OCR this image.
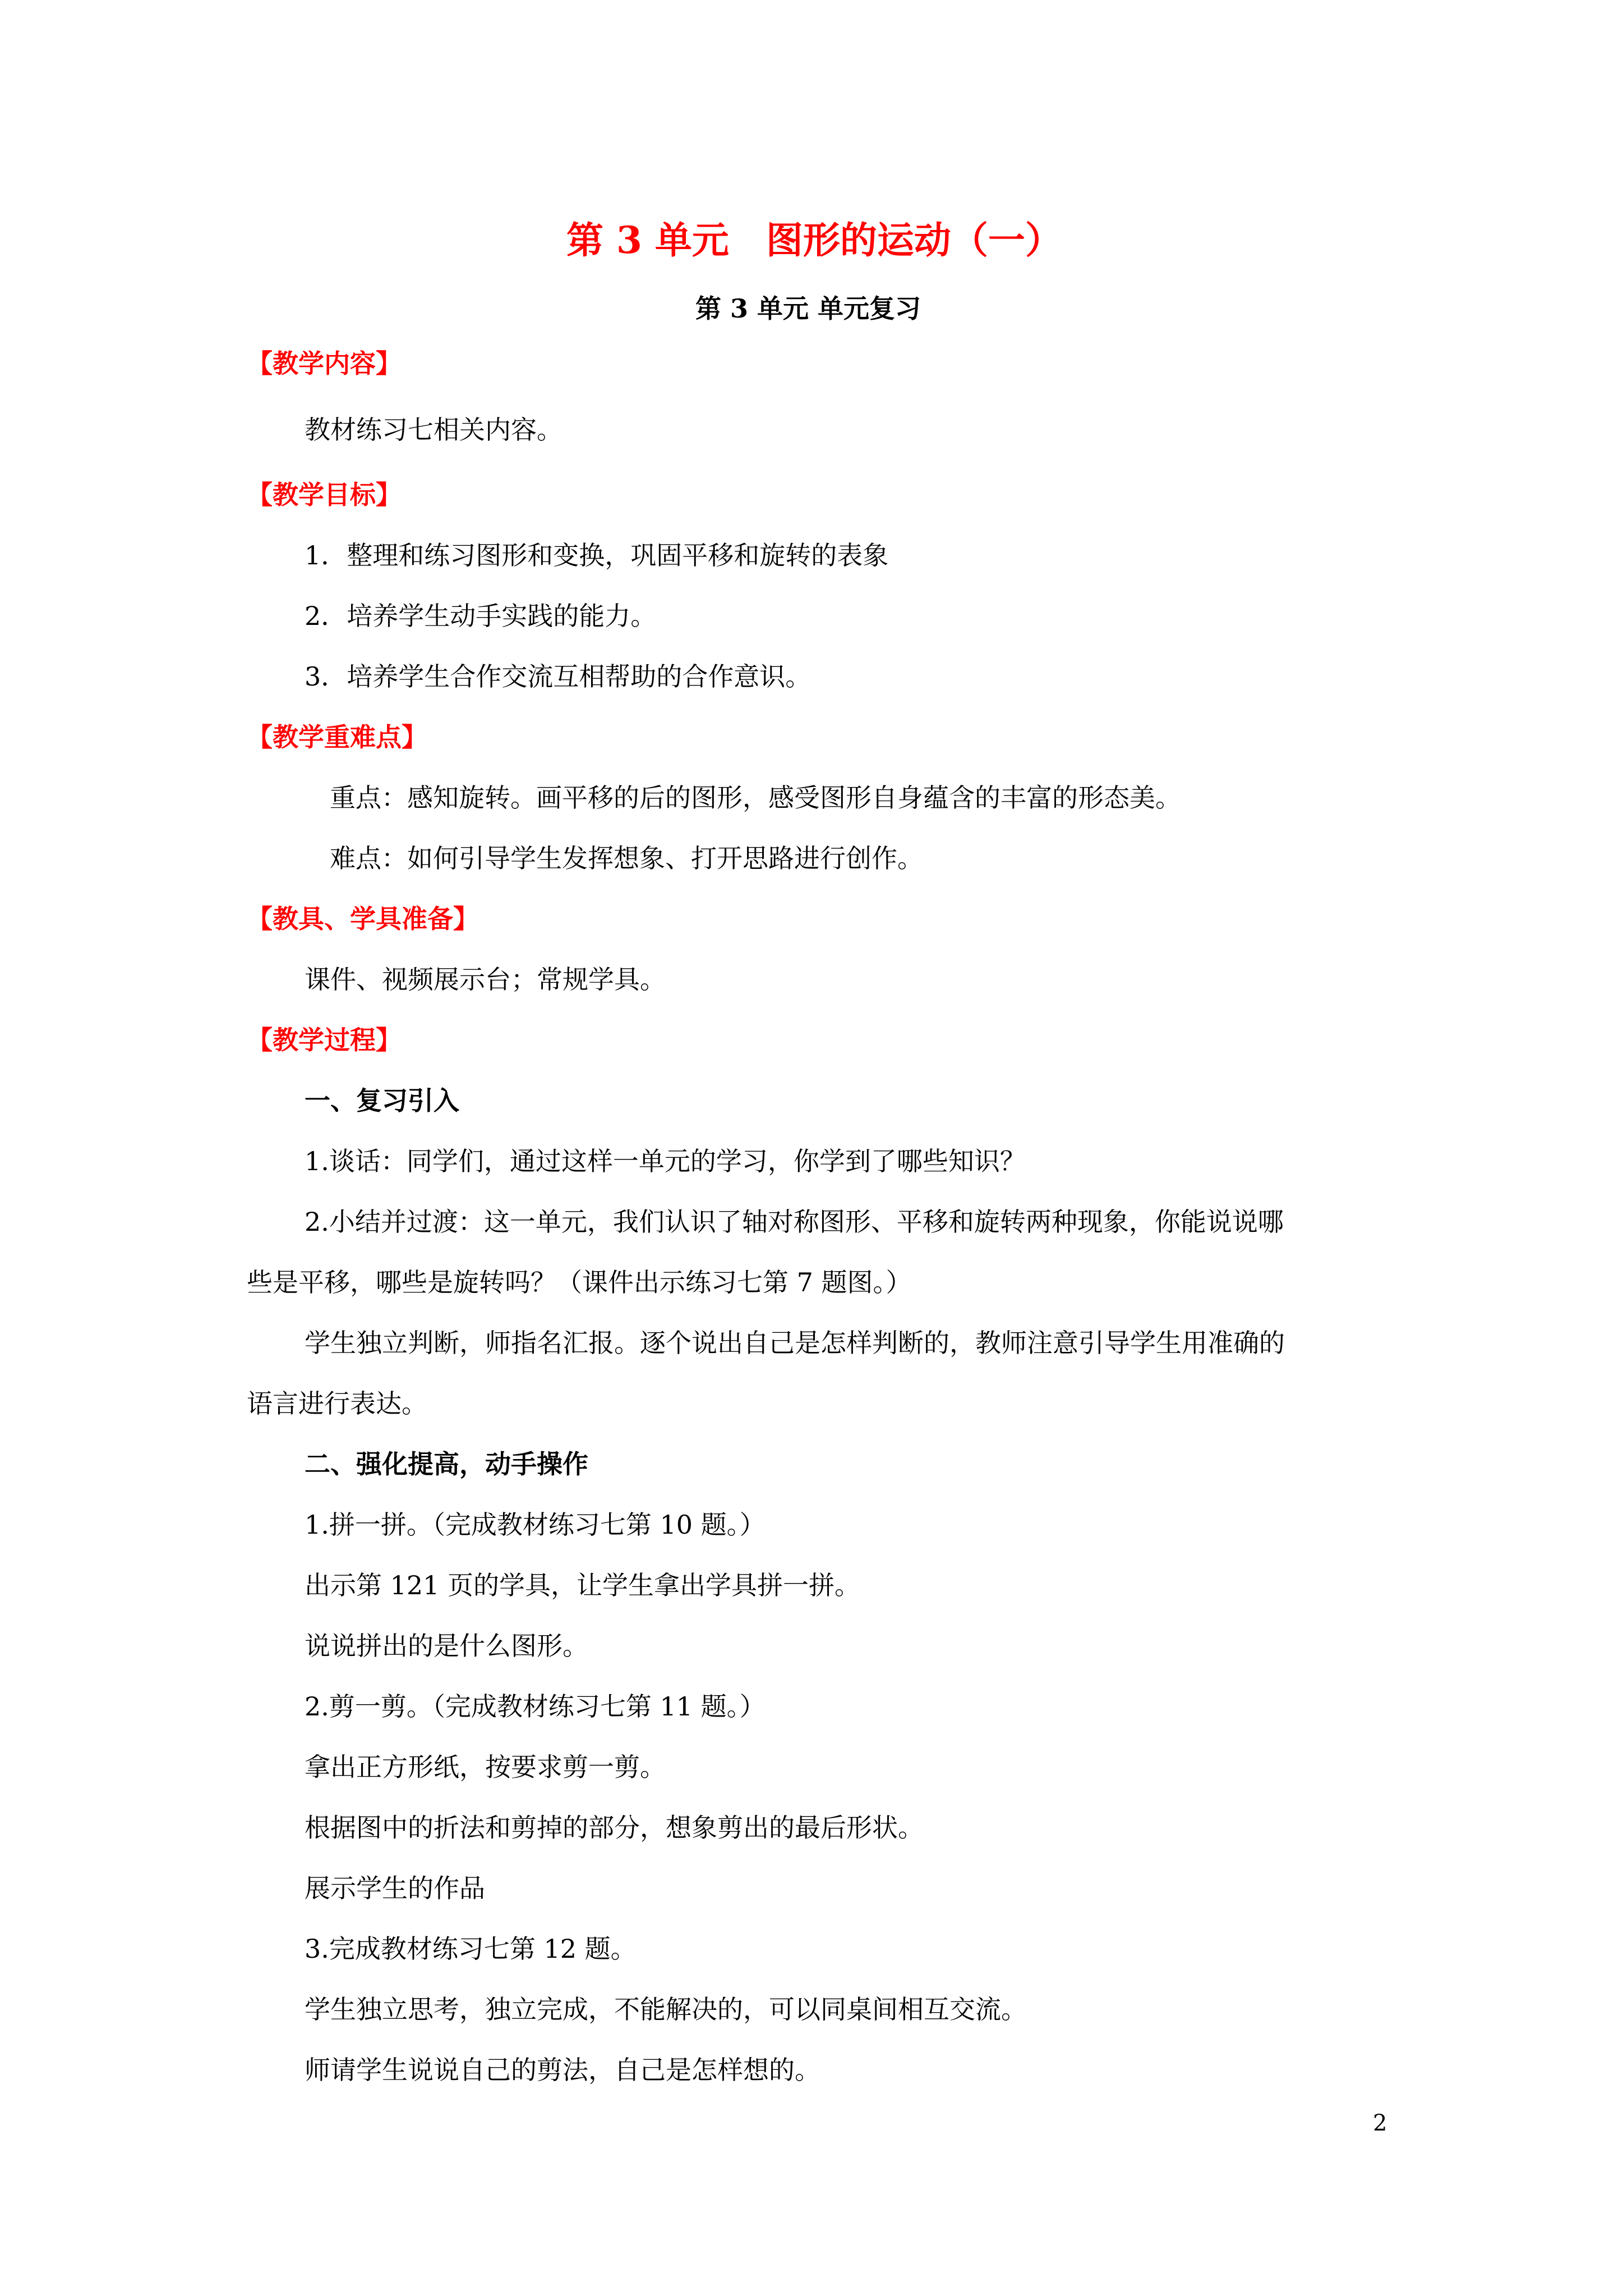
第 3 单元　图形的运动（一）
第 3 单元 单元复习
【教学内容】
教材练习七相关内容。
【教学目标】
1．整理和练习图形和变换，巩固平移和旋转的表象
2．培养学生动手实践的能力。
3．培养学生合作交流互相帮助的合作意识。
【教学重难点】
重点：感知旋转。画平移的后的图形，感受图形自身蕴含的丰富的形态美。
难点：如何引导学生发挥想象、打开思路进行创作。
【教具、学具准备】
课件、视频展示台；常规学具。
【教学过程】
一、复习引入
1.谈话：同学们，通过这样一单元的学习，你学到了哪些知识？
2.小结并过渡：这一单元，我们认识了轴对称图形、平移和旋转两种现象，你能说说哪
些是平移，哪些是旋转吗？（课件出示练习七第 7 题图。）
学生独立判断，师指名汇报。逐个说出自己是怎样判断的，教师注意引导学生用准确的
语言进行表达。
二、强化提高，动手操作
1.拼一拼。（完成教材练习七第 10 题。）
出示第 121 页的学具，让学生拿出学具拼一拼。
说说拼出的是什么图形。
2.剪一剪。（完成教材练习七第 11 题。）
拿出正方形纸，按要求剪一剪。
根据图中的折法和剪掉的部分，想象剪出的最后形状。
展示学生的作品
3.完成教材练习七第 12 题。
学生独立思考，独立完成，不能解决的，可以同桌间相互交流。
师请学生说说自己的剪法，自己是怎样想的。
2
